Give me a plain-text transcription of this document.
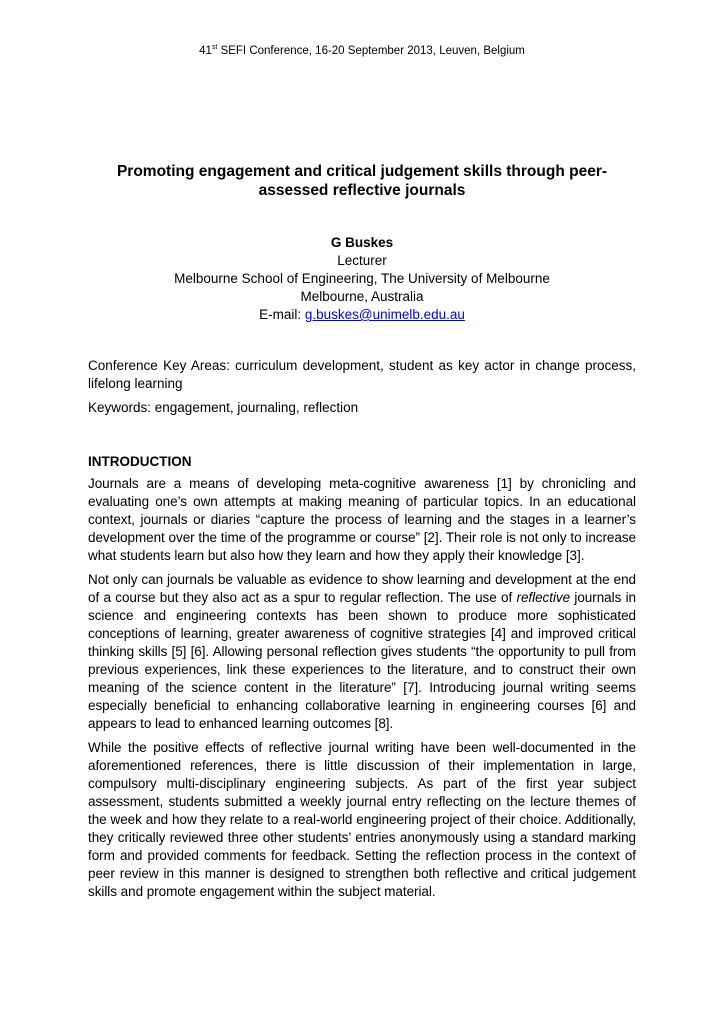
41st SEFI Conference, 16-20 September 2013, Leuven, Belgium
Promoting engagement and critical judgement skills through peer-assessed reflective journals
G Buskes
Lecturer
Melbourne School of Engineering, The University of Melbourne
Melbourne, Australia
E-mail: g.buskes@unimelb.edu.au

Conference Key Areas: curriculum development, student as key actor in change process, lifelong learning

Keywords: engagement, journaling, reflection

INTRODUCTION

Journals are a means of developing meta-cognitive awareness [1] by chronicling and evaluating one’s own attempts at making meaning of particular topics. In an educational context, journals or diaries “capture the process of learning and the stages in a learner’s development over the time of the programme or course” [2]. Their role is not only to increase what students learn but also how they learn and how they apply their knowledge [3].

Not only can journals be valuable as evidence to show learning and development at the end of a course but they also act as a spur to regular reflection. The use of reflective journals in science and engineering contexts has been shown to produce more sophisticated conceptions of learning, greater awareness of cognitive strategies [4] and improved critical thinking skills [5] [6]. Allowing personal reflection gives students “the opportunity to pull from previous experiences, link these experiences to the literature, and to construct their own meaning of the science content in the literature” [7]. Introducing journal writing seems especially beneficial to enhancing collaborative learning in engineering courses [6] and appears to lead to enhanced learning outcomes [8].

While the positive effects of reflective journal writing have been well-documented in the aforementioned references, there is little discussion of their implementation in large, compulsory multi-disciplinary engineering subjects. As part of the first year subject assessment, students submitted a weekly journal entry reflecting on the lecture themes of the week and how they relate to a real-world engineering project of their choice. Additionally, they critically reviewed three other students’ entries anonymously using a standard marking form and provided comments for feedback. Setting the reflection process in the context of peer review in this manner is designed to strengthen both reflective and critical judgement skills and promote engagement within the subject material.
